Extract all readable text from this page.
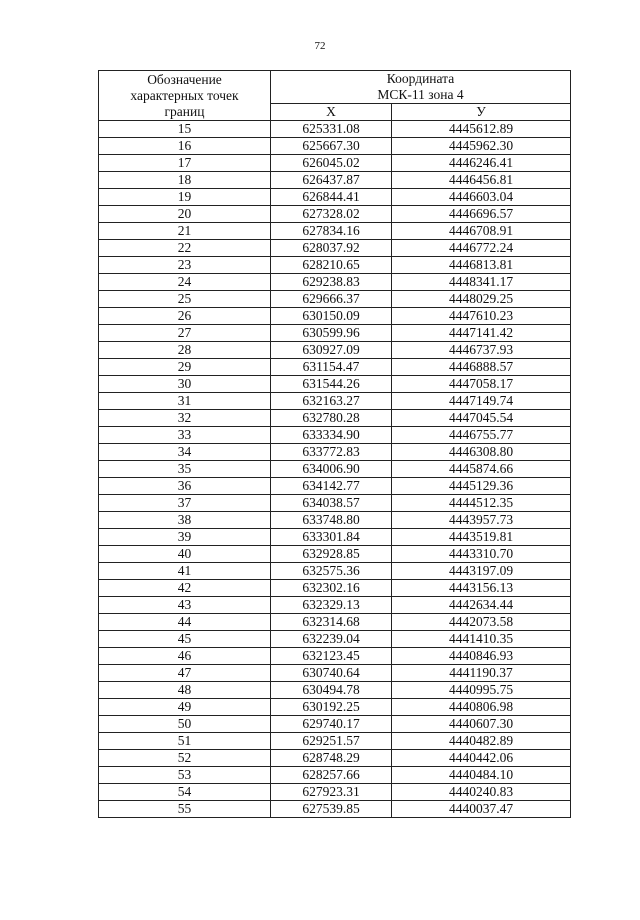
72
Обозначение
характерных точек
границ	Координата
МСК-11 зона 4	
	X	У
15	625331.08	4445612.89
16	625667.30	4445962.30
17	626045.02	4446246.41
18	626437.87	4446456.81
19	626844.41	4446603.04
20	627328.02	4446696.57
21	627834.16	4446708.91
22	628037.92	4446772.24
23	628210.65	4446813.81
24	629238.83	4448341.17
25	629666.37	4448029.25
26	630150.09	4447610.23
27	630599.96	4447141.42
28	630927.09	4446737.93
29	631154.47	4446888.57
30	631544.26	4447058.17
31	632163.27	4447149.74
32	632780.28	4447045.54
33	633334.90	4446755.77
34	633772.83	4446308.80
35	634006.90	4445874.66
36	634142.77	4445129.36
37	634038.57	4444512.35
38	633748.80	4443957.73
39	633301.84	4443519.81
40	632928.85	4443310.70
41	632575.36	4443197.09
42	632302.16	4443156.13
43	632329.13	4442634.44
44	632314.68	4442073.58
45	632239.04	4441410.35
46	632123.45	4440846.93
47	630740.64	4441190.37
48	630494.78	4440995.75
49	630192.25	4440806.98
50	629740.17	4440607.30
51	629251.57	4440482.89
52	628748.29	4440442.06
53	628257.66	4440484.10
54	627923.31	4440240.83
55	627539.85	4440037.47
